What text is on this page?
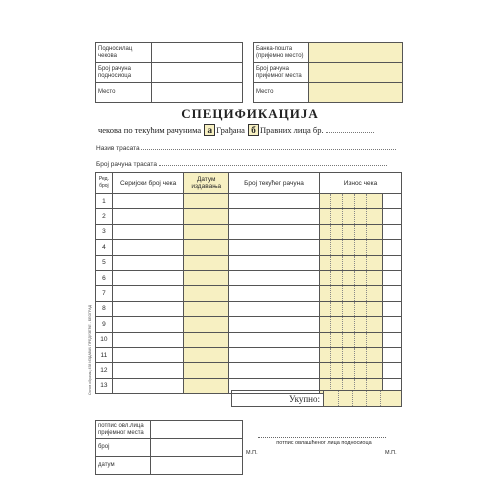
Подносилац чекова	
Број рачуна подносиоца	
Место	
Банка-пошта (пријемно место)	
Број рачуна пријемног места	
Место	
СПЕЦИФИКАЦИЈА
чекова по текућим рачунима а Грађана б Правних лица бр.
Назив трасата
Број рачуна трасата
Ред. број	Серијски број чека	Датум издавања	Број текућег рачуна	Износ чека
1				

2				

3				

4				

5				

6				

7				

8				

9				

10				

11				

12				

13				
Укупно:	
Основ образац 458 ИЗДАВАЧ ПРЕДУЗЕЋЕ - БЕОГРАД
потпис овл.лица пријемног места	
број	
датум	
М.П.
потпис овлашћеног лица подносиоца
М.П.
